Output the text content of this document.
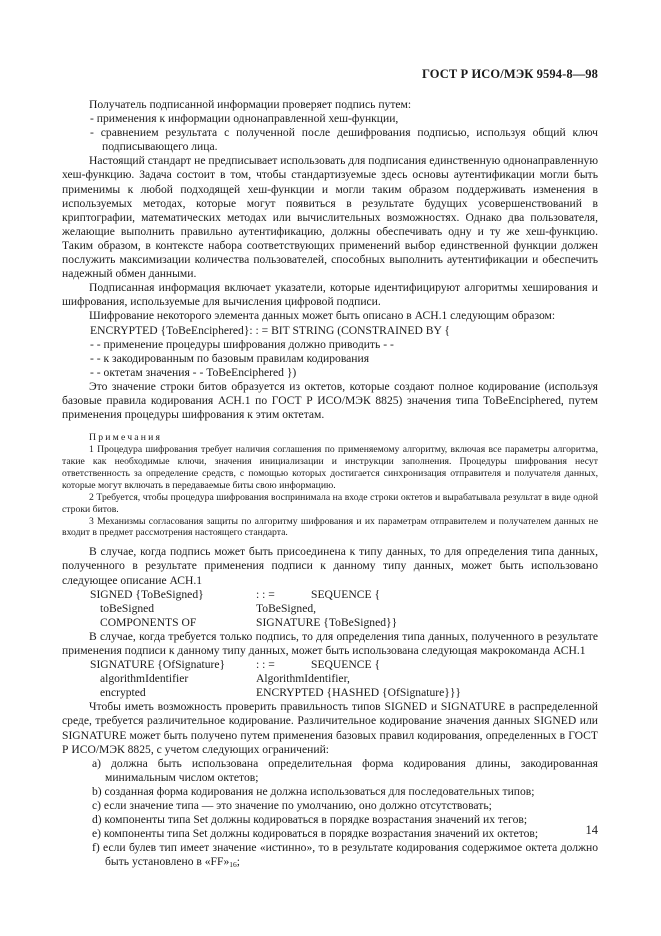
ГОСТ Р ИСО/МЭК 9594-8—98

Получатель подписанной информации проверяет подпись путем:

- применения к информации однонаправленной хеш-функции,

- сравнением результата с полученной после дешифрования подписью, используя общий ключ подписывающего лица.

Настоящий стандарт не предписывает использовать для подписания единственную однонаправленную хеш-функцию. Задача состоит в том, чтобы стандартизуемые здесь основы аутентификации могли быть применимы к любой подходящей хеш-функции и могли таким образом поддерживать изменения в используемых методах, которые могут появиться в результате будущих усовершенствований в криптографии, математических методах или вычислительных возможностях. Однако два пользователя, желающие выполнить правильно аутентификацию, должны обеспечивать одну и ту же хеш-функцию. Таким образом, в контексте набора соответствующих применений выбор единственной функции должен послужить максимизации количества пользователей, способных выполнить аутентификации и обеспечить надежный обмен данными.

Подписанная информация включает указатели, которые идентифицируют алгоритмы хеширования и шифрования, используемые для вычисления цифровой подписи.

Шифрование некоторого элемента данных может быть описано в АСН.1 следующим образом:

ENCRYPTED {ToBeEnciphered}: : = BIT STRING (CONSTRAINED BY {

- - применение процедуры шифрования должно приводить - -

- - к закодированным по базовым правилам кодирования

- - октетам значения - - ToBeEnciphered })

Это значение строки битов образуется из октетов, которые создают полное кодирование (используя базовые правила кодирования АСН.1 по ГОСТ Р ИСО/МЭК 8825) значения типа ToBeEnciphered, путем применения процедуры шифрования к этим октетам.

Примечания

1 Процедура шифрования требует наличия соглашения по применяемому алгоритму, включая все параметры алгоритма, такие как необходимые ключи, значения инициализации и инструкции заполнения. Процедуры шифрования несут ответственность за определение средств, с помощью которых достигается синхронизация отправителя и получателя данных, которые могут включать в передаваемые биты свою информацию.

2 Требуется, чтобы процедура шифрования воспринимала на входе строки октетов и вырабатывала результат в виде одной строки битов.

3 Механизмы согласования защиты по алгоритму шифрования и их параметрам отправителем и получателем данных не входит в предмет рассмотрения настоящего стандарта.

В случае, когда подпись может быть присоединена к типу данных, то для определения типа данных, полученного в результате применения подписи к данному типу данных, может быть использовано следующее описание АСН.1

SIGNED {ToBeSigned}	: : =	SEQUENCE {
toBeSigned	ToBeSigned,
COMPONENTS OF	SIGNATURE {ToBeSigned}}

В случае, когда требуется только подпись, то для определения типа данных, полученного в результате применения подписи к данному типу данных, может быть использована следующая макрокоманда АСН.1

SIGNATURE {OfSignature}	: : =	SEQUENCE {
algorithmIdentifier	AlgorithmIdentifier,
encrypted	ENCRYPTED {HASHED {OfSignature}}}

Чтобы иметь возможность проверить правильность типов SIGNED и SIGNATURE в распределенной среде, требуется различительное кодирование. Различительное кодирование значения данных SIGNED или SIGNATURE может быть получено путем применения базовых правил кодирования, определенных в ГОСТ Р ИСО/МЭК 8825, с учетом следующих ограничений:

а) должна быть использована определительная форма кодирования длины, закодированная минимальным числом октетов;

b) созданная форма кодирования не должна использоваться для последовательных типов;

c) если значение типа — это значение по умолчанию, оно должно отсутствовать;

d) компоненты типа Set должны кодироваться в порядке возрастания значений их тегов;

e) компоненты типа Set должны кодироваться в порядке возрастания значений их октетов;

f) если булев тип имеет значение «истинно», то в результате кодирования содержимое октета должно быть установлено в «$FF»_{16}$;

14
